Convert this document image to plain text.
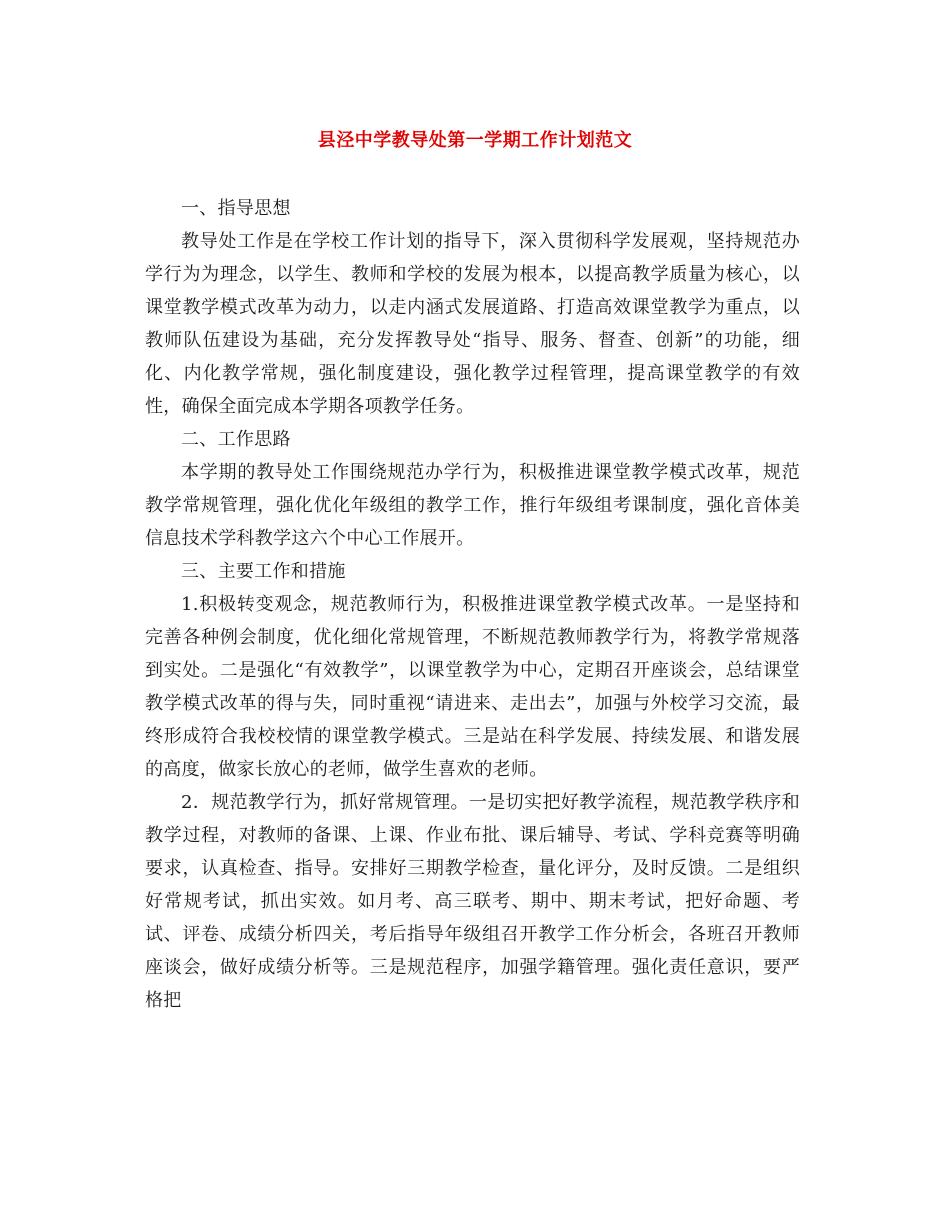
县泾中学教导处第一学期工作计划范文

一、指导思想

教导处工作是在学校工作计划的指导下，深入贯彻科学发展观，坚持规范办学行为为理念，以学生、教师和学校的发展为根本，以提高教学质量为核心，以课堂教学模式改革为动力，以走内涵式发展道路、打造高效课堂教学为重点，以教师队伍建设为基础，充分发挥教导处“指导、服务、督查、创新”的功能，细化、内化教学常规，强化制度建设，强化教学过程管理，提高课堂教学的有效性，确保全面完成本学期各项教学任务。

二、工作思路

本学期的教导处工作围绕规范办学行为，积极推进课堂教学模式改革，规范教学常规管理，强化优化年级组的教学工作，推行年级组考课制度，强化音体美信息技术学科教学这六个中心工作展开。

三、主要工作和措施

1.积极转变观念，规范教师行为，积极推进课堂教学模式改革。一是坚持和完善各种例会制度，优化细化常规管理，不断规范教师教学行为，将教学常规落到实处。二是强化“有效教学”，以课堂教学为中心，定期召开座谈会，总结课堂教学模式改革的得与失，同时重视“请进来、走出去”，加强与外校学习交流，最终形成符合我校校情的课堂教学模式。三是站在科学发展、持续发展、和谐发展的高度，做家长放心的老师，做学生喜欢的老师。

2．规范教学行为，抓好常规管理。一是切实把好教学流程，规范教学秩序和教学过程，对教师的备课、上课、作业布批、课后辅导、考试、学科竞赛等明确要求，认真检查、指导。安排好三期教学检查，量化评分，及时反馈。二是组织好常规考试，抓出实效。如月考、高三联考、期中、期末考试，把好命题、考试、评卷、成绩分析四关，考后指导年级组召开教学工作分析会，各班召开教师座谈会，做好成绩分析等。三是规范程序，加强学籍管理。强化责任意识，要严格把
